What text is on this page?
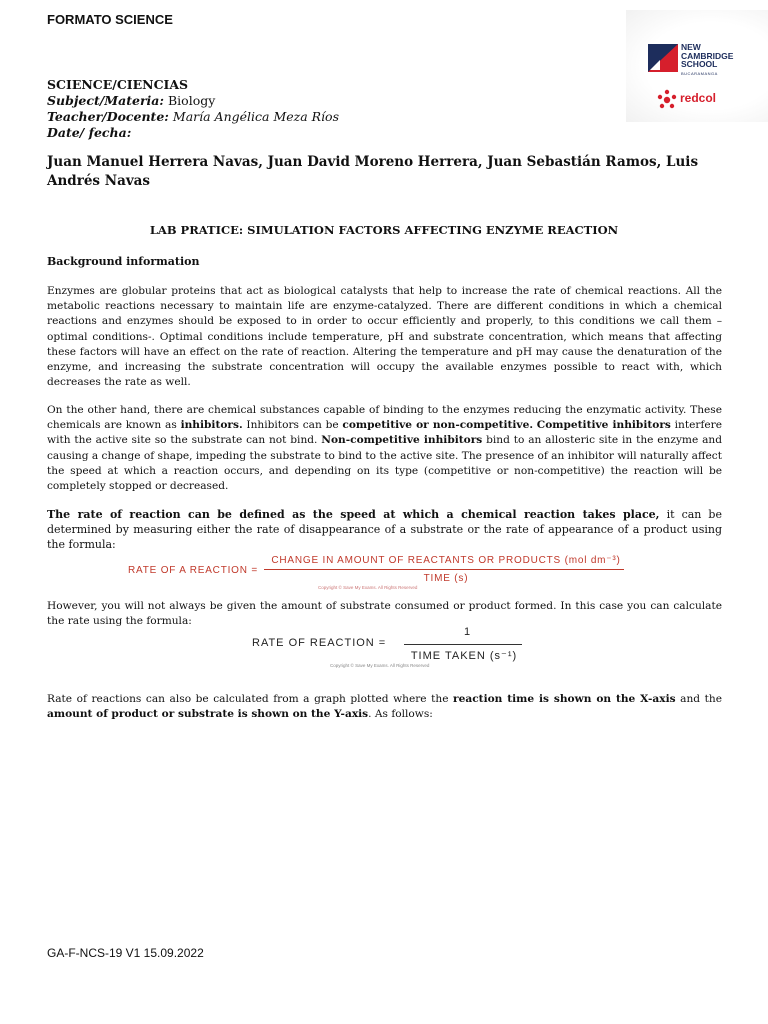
FORMATO SCIENCE
NEW
CAMBRIDGE
SCHOOL
BUCARAMANGA
redcol
SCIENCE/CIENCIAS
Subject/Materia: Biology
Teacher/Docente: María Angélica Meza Ríos
Date/ fecha:
Juan Manuel Herrera Navas, Juan David Moreno Herrera, Juan Sebastián Ramos, Luis Andrés Navas
LAB PRATICE: SIMULATION FACTORS AFFECTING ENZYME REACTION
Background information
Enzymes are globular proteins that act as biological catalysts that help to increase the rate of chemical reactions. All the metabolic reactions necessary to maintain life are enzyme-catalyzed. There are different conditions in which a chemical reactions and enzymes should be exposed to in order to occur efficiently and properly, to this conditions we call them – optimal conditions-. Optimal conditions include temperature, pH and substrate concentration, which means that affecting these factors will have an effect on the rate of reaction. Altering the temperature and pH may cause the denaturation of the enzyme, and increasing the substrate concentration will occupy the available enzymes possible to react with, which decreases the rate as well.
On the other hand, there are chemical substances capable of binding to the enzymes reducing the enzymatic activity. These chemicals are known as inhibitors. Inhibitors can be competitive or non-competitive. Competitive inhibitors interfere with the active site so the substrate can not bind. Non-competitive inhibitors bind to an allosteric site in the enzyme and causing a change of shape, impeding the substrate to bind to the active site. The presence of an inhibitor will naturally affect the speed at which a reaction occurs, and depending on its type (competitive or non-competitive) the reaction will be completely stopped or decreased.
The rate of reaction can be defined as the speed at which a chemical reaction takes place, it can be determined by measuring either the rate of disappearance of a substrate or the rate of appearance of a product using the formula:
RATE OF A REACTION =
CHANGE IN AMOUNT OF REACTANTS OR PRODUCTS (mol dm⁻³)
TIME (s)
Copyright © Save My Exams. All Rights Reserved
However, you will not always be given the amount of substrate consumed or product formed. In this case you can calculate the rate using the formula:
RATE OF REACTION =
1
TIME TAKEN (s⁻¹)
Copyright © Save My Exams. All Rights Reserved
Rate of reactions can also be calculated from a graph plotted where the reaction time is shown on the X-axis and the amount of product or substrate is shown on the Y-axis. As follows:
GA-F-NCS-19 V1 15.09.2022
